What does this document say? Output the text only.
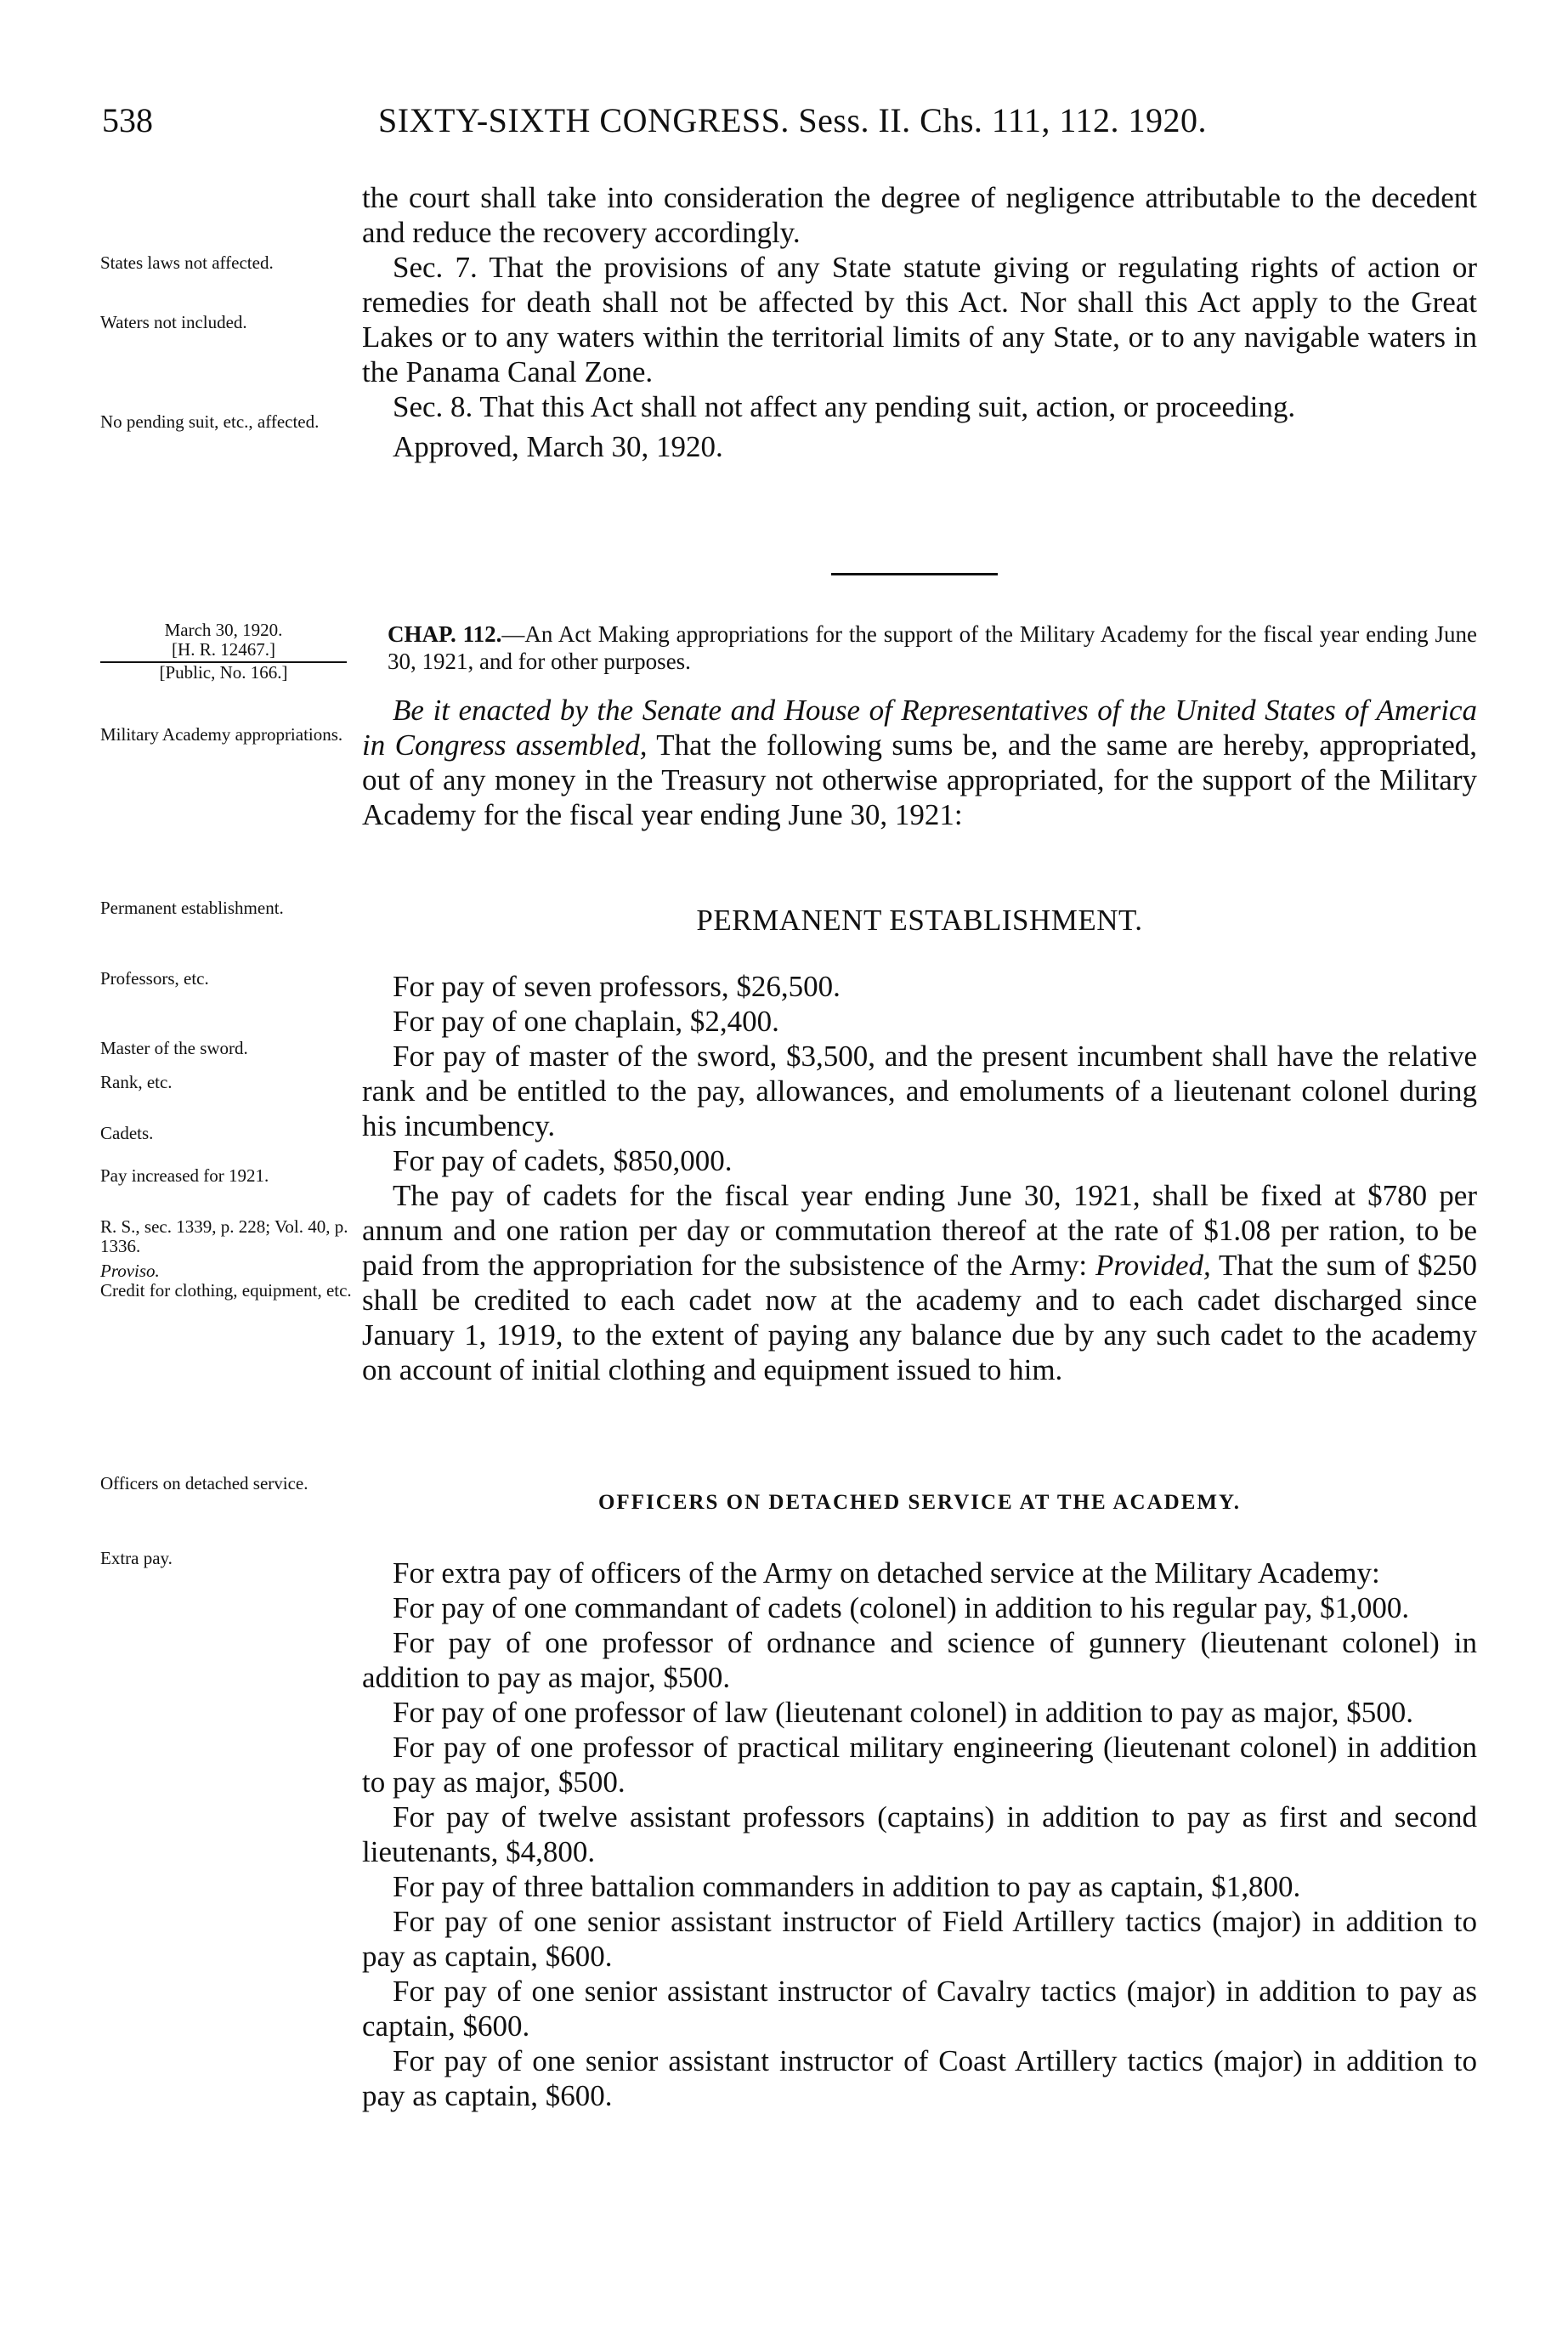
538	SIXTY-SIXTH CONGRESS. Sess. II. Chs. 111, 112. 1920.

the court shall take into consideration the degree of negligence attributable to the decedent and reduce the recovery accordingly.

Sec. 7. That the provisions of any State statute giving or regulating rights of action or remedies for death shall not be affected by this Act. Nor shall this Act apply to the Great Lakes or to any waters within the territorial limits of any State, or to any navigable waters in the Panama Canal Zone.

Sec. 8. That this Act shall not affect any pending suit, action, or proceeding.

Approved, March 30, 1920.

States laws not affected.
Waters not included.
No pending suit, etc., affected.

March 30, 1920.

[H. R. 12467.]

[Public, No. 166.]

CHAP. 112.—An Act Making appropriations for the support of the Military Academy for the fiscal year ending June 30, 1921, and for other purposes.
Military Academy appropriations.

Be it enacted by the Senate and House of Representatives of the United States of America in Congress assembled, That the following sums be, and the same are hereby, appropriated, out of any money in the Treasury not otherwise appropriated, for the support of the Military Academy for the fiscal year ending June 30, 1921:

Permanent establishment.	PERMANENT ESTABLISHMENT.
Professors, etc.
Master of the sword.
Rank, etc.
Cadets.
Pay increased for 1921.
R. S., sec. 1339, p. 228; Vol. 40, p. 1336.
Proviso.
Credit for clothing, equipment, etc.

For pay of seven professors, $26,500.

For pay of one chaplain, $2,400.

For pay of master of the sword, $3,500, and the present incumbent shall have the relative rank and be entitled to the pay, allowances, and emoluments of a lieutenant colonel during his incumbency.

For pay of cadets, $850,000.

The pay of cadets for the fiscal year ending June 30, 1921, shall be fixed at $780 per annum and one ration per day or commutation thereof at the rate of $1.08 per ration, to be paid from the appropriation for the subsistence of the Army: Provided, That the sum of $250 shall be credited to each cadet now at the academy and to each cadet discharged since January 1, 1919, to the extent of paying any balance due by any such cadet to the academy on account of initial clothing and equipment issued to him.

Officers on detached service.
OFFICERS ON DETACHED SERVICE AT THE ACADEMY.
Extra pay.	For extra pay of officers of the Army on detached service at the Military Academy:

For pay of one commandant of cadets (colonel) in addition to his regular pay, $1,000.

For pay of one professor of ordnance and science of gunnery (lieutenant colonel) in addition to pay as major, $500.

For pay of one professor of law (lieutenant colonel) in addition to pay as major, $500.

For pay of one professor of practical military engineering (lieutenant colonel) in addition to pay as major, $500.

For pay of twelve assistant professors (captains) in addition to pay as first and second lieutenants, $4,800.

For pay of three battalion commanders in addition to pay as captain, $1,800.

For pay of one senior assistant instructor of Field Artillery tactics (major) in addition to pay as captain, $600.

For pay of one senior assistant instructor of Cavalry tactics (major) in addition to pay as captain, $600.

For pay of one senior assistant instructor of Coast Artillery tactics (major) in addition to pay as captain, $600.
